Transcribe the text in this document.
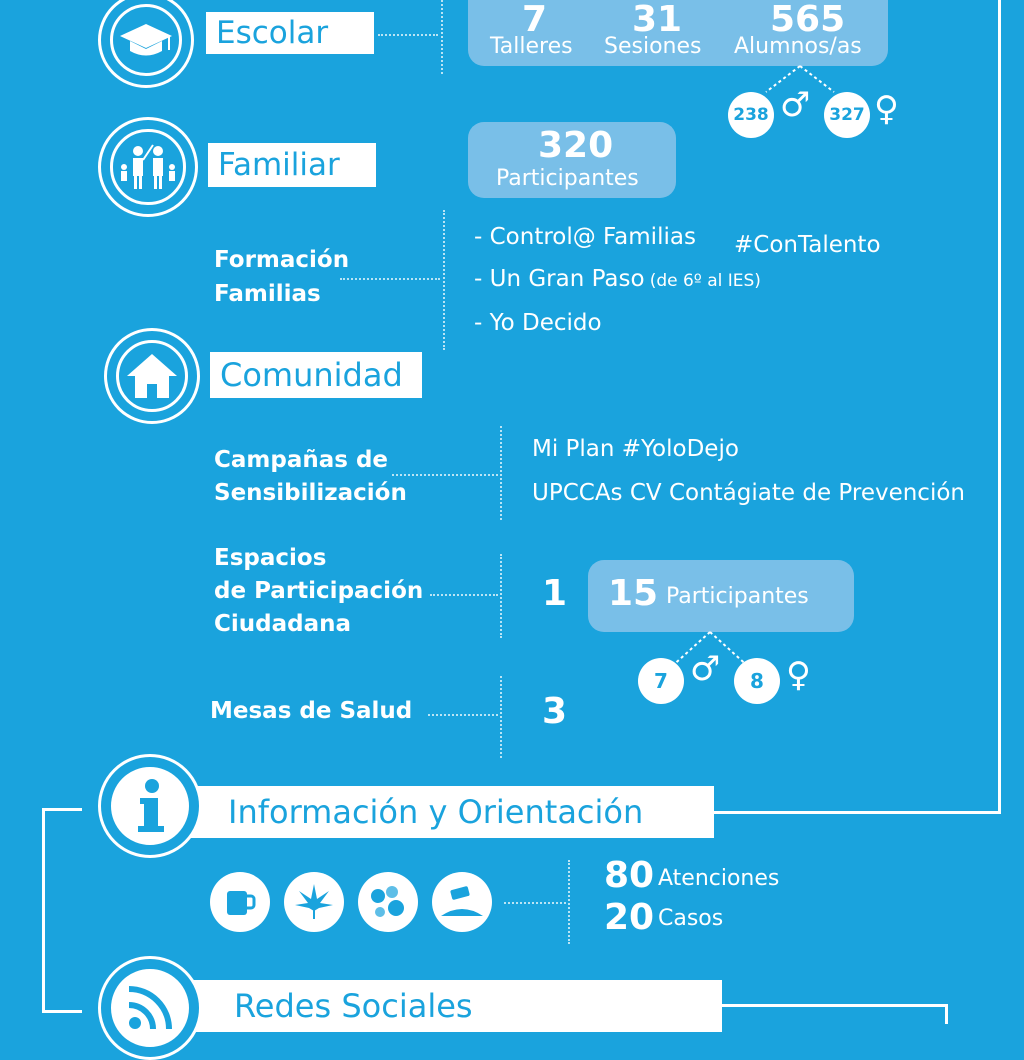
Escolar	7
Talleres
31
Sesiones
565
Alumnos/as
238 ♂	327 ♀
Familiar	320
Participantes
Formación
Familias
- Control@ Familias #ConTalento
- Un Gran Paso (de 6º al IES)
- Yo Decido
Comunidad
Campañas de
Sensibilización
Mi Plan #YoloDejo
UPCCAs CV Contágiate de Prevención
Espacios
de Participación
Ciudadana
1 15 Participantes
7 ♂	8 ♀
Mesas de Salud	3
Información y Orientación
80 Atenciones
20 Casos
Redes Sociales
